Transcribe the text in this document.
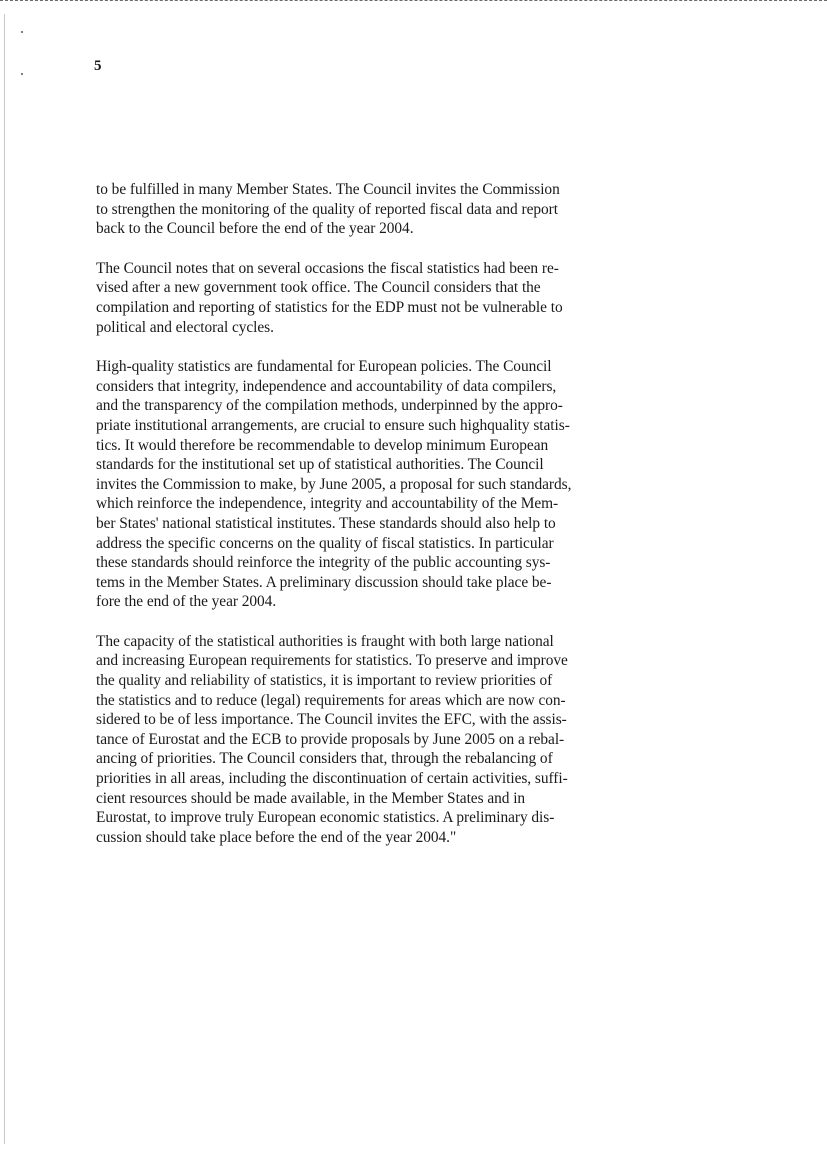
5

to be fulfilled in many Member States. The Council invites the Commission
to strengthen the monitoring of the quality of reported fiscal data and report
back to the Council before the end of the year 2004.

The Council notes that on several occasions the fiscal statistics had been re-
vised after a new government took office. The Council considers that the
compilation and reporting of statistics for the EDP must not be vulnerable to
political and electoral cycles.

High-quality statistics are fundamental for European policies. The Council
considers that integrity, independence and accountability of data compilers,
and the transparency of the compilation methods, underpinned by the appro-
priate institutional arrangements, are crucial to ensure such highquality statis-
tics. It would therefore be recommendable to develop minimum European
standards for the institutional set up of statistical authorities. The Council
invites the Commission to make, by June 2005, a proposal for such standards,
which reinforce the independence, integrity and accountability of the Mem-
ber States' national statistical institutes. These standards should also help to
address the specific concerns on the quality of fiscal statistics. In particular
these standards should reinforce the integrity of the public accounting sys-
tems in the Member States. A preliminary discussion should take place be-
fore the end of the year 2004.

The capacity of the statistical authorities is fraught with both large national
and increasing European requirements for statistics. To preserve and improve
the quality and reliability of statistics, it is important to review priorities of
the statistics and to reduce (legal) requirements for areas which are now con-
sidered to be of less importance. The Council invites the EFC, with the assis-
tance of Eurostat and the ECB to provide proposals by June 2005 on a rebal-
ancing of priorities. The Council considers that, through the rebalancing of
priorities in all areas, including the discontinuation of certain activities, suffi-
cient resources should be made available, in the Member States and in
Eurostat, to improve truly European economic statistics. A preliminary dis-
cussion should take place before the end of the year 2004."
